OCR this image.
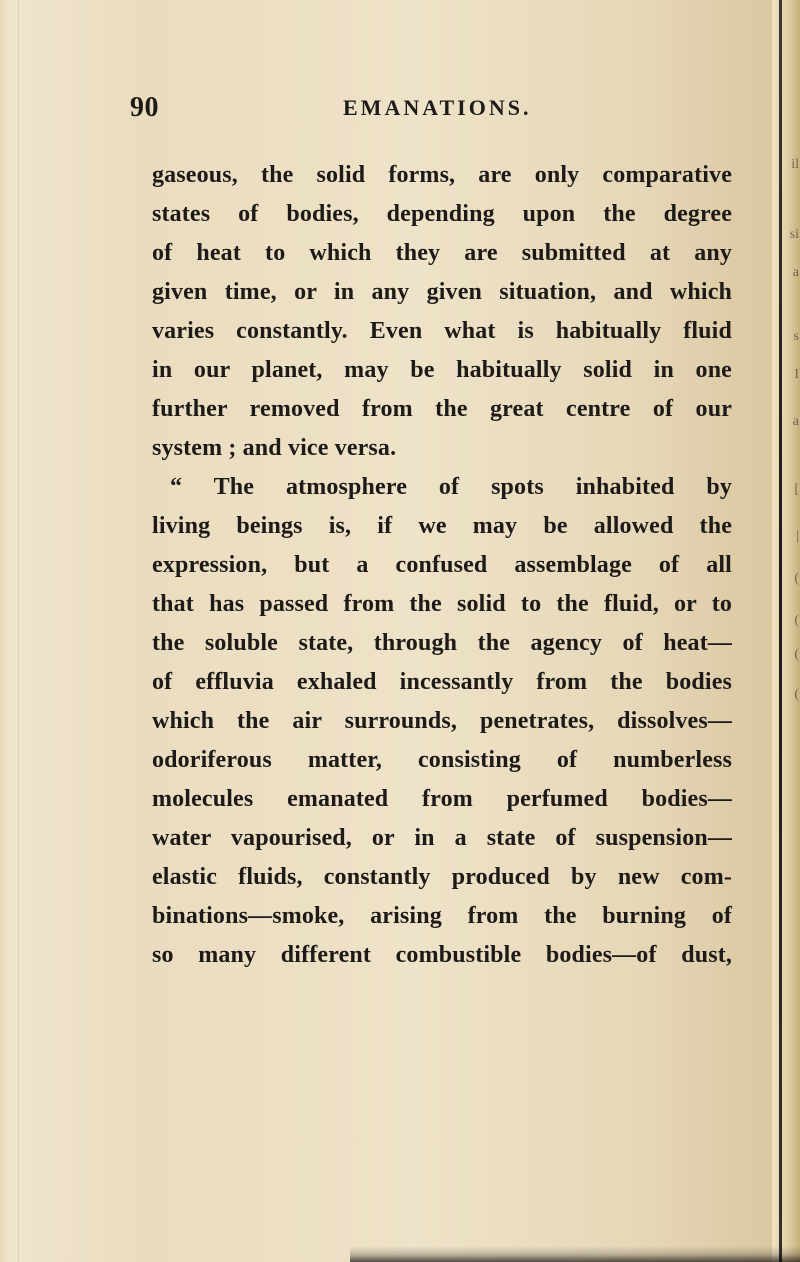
90	EMANATIONS.
gaseous, the solid forms, are only comparative
states of bodies, depending upon the degree
of heat to which they are submitted at any
given time, or in any given situation, and which
varies constantly. Even what is habitually fluid
in our planet, may be habitually solid in one
further removed from the great centre of our
system ; and vice versa.
“ The atmosphere of spots inhabited by
living beings is, if we may be allowed the
expression, but a confused assemblage of all
that has passed from the solid to the fluid, or to
the soluble state, through the agency of heat—
of effluvia exhaled incessantly from the bodies
which the air surrounds, penetrates, dissolves—
odoriferous matter, consisting of numberless
molecules emanated from perfumed bodies—
water vapourised, or in a state of suspension—
elastic fluids, constantly produced by new com-
binations—smoke, arising from the burning of
so many different combustible bodies—of dust,
il
si
a
s
I
a
[
|
(
(
(
(
